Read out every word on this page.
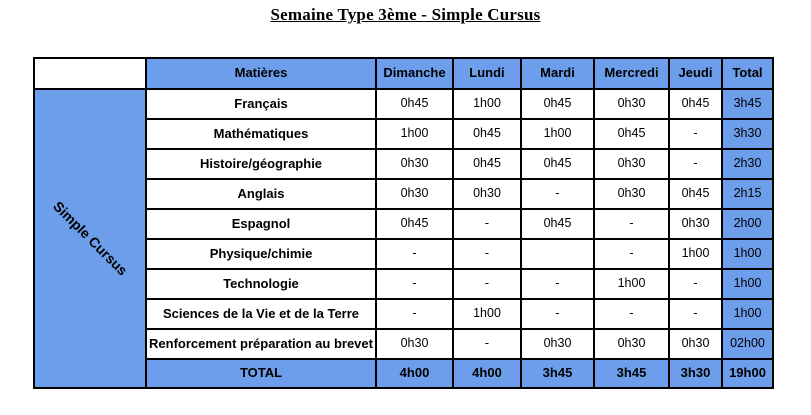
Semaine Type 3ème - Simple Cursus
	Matières	Dimanche	Lundi	Mardi	Mercredi	Jeudi	Total
Simple Cursus	Français	0h45	1h00	0h45	0h30	0h45	3h45
	Mathématiques	1h00	0h45	1h00	0h45	-	3h30
	Histoire/géographie	0h30	0h45	0h45	0h30	-	2h30
	Anglais	0h30	0h30	-	0h30	0h45	2h15
	Espagnol	0h45	-	0h45	-	0h30	2h00
	Physique/chimie	-	-		-	1h00	1h00
	Technologie	-	-	-	1h00	-	1h00
	Sciences de la Vie et de la Terre	-	1h00	-	-	-	1h00
	Renforcement préparation au brevet	0h30	-	0h30	0h30	0h30	02h00
	TOTAL	4h00	4h00	3h45	3h45	3h30	19h00
